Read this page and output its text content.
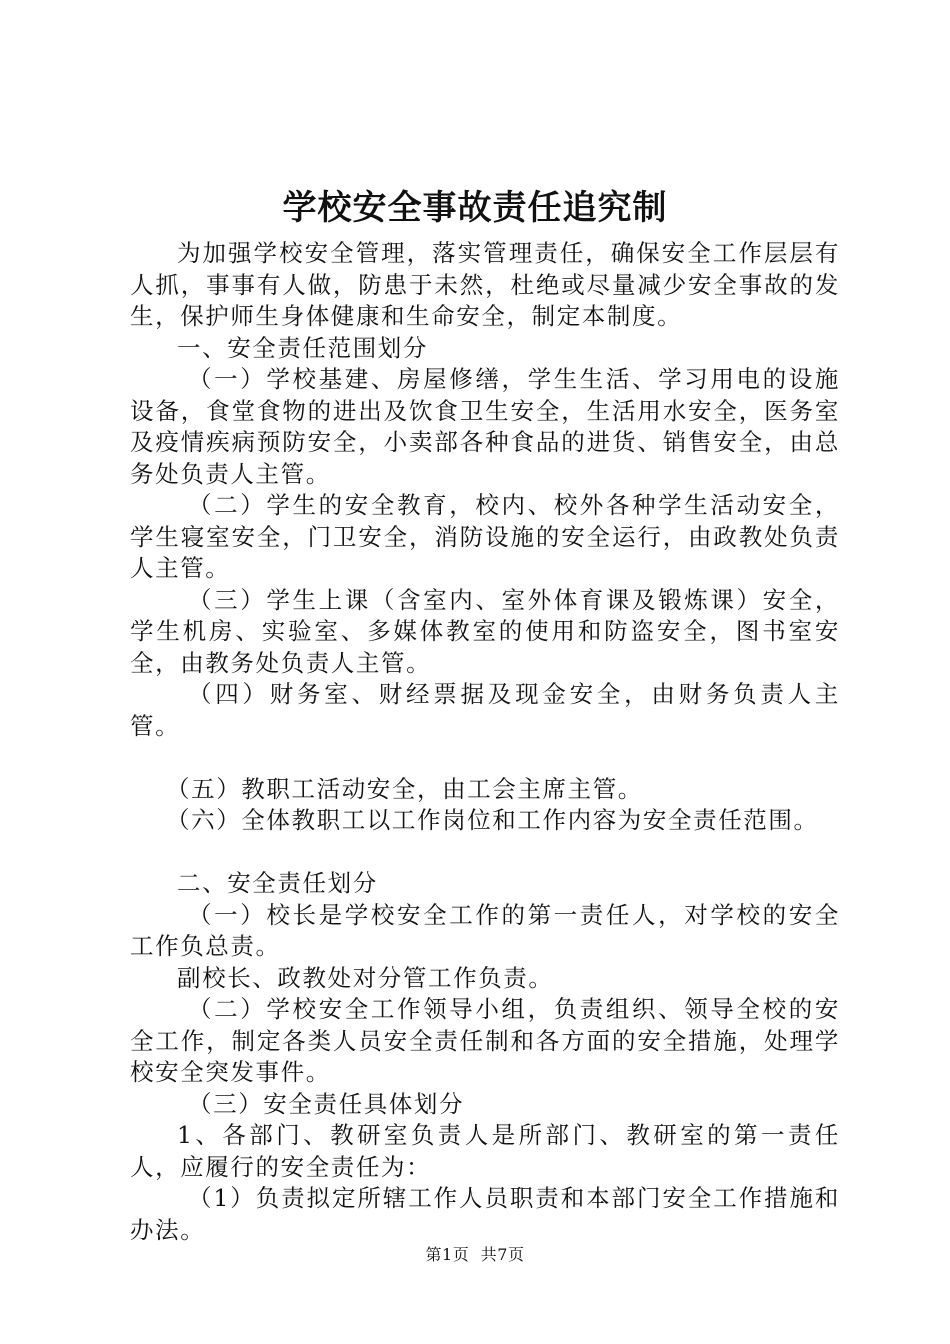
学校安全事故责任追究制

为加强学校安全管理，落实管理责任，确保安全工作层层有人抓，事事有人做，防患于未然，杜绝或尽量减少安全事故的发生，保护师生身体健康和生命安全，制定本制度。

一、安全责任范围划分

（一）学校基建、房屋修缮，学生生活、学习用电的设施设备，食堂食物的进出及饮食卫生安全，生活用水安全，医务室及疫情疾病预防安全，小卖部各种食品的进货、销售安全，由总务处负责人主管。

（二）学生的安全教育，校内、校外各种学生活动安全，学生寝室安全，门卫安全，消防设施的安全运行，由政教处负责人主管。

（三）学生上课（含室内、室外体育课及锻炼课）安全，学生机房、实验室、多媒体教室的使用和防盗安全，图书室安全，由教务处负责人主管。

（四）财务室、财经票据及现金安全，由财务负责人主管。

（五）教职工活动安全，由工会主席主管。

（六）全体教职工以工作岗位和工作内容为安全责任范围。

二、安全责任划分

（一）校长是学校安全工作的第一责任人，对学校的安全工作负总责。

副校长、政教处对分管工作负责。

（二）学校安全工作领导小组，负责组织、领导全校的安全工作，制定各类人员安全责任制和各方面的安全措施，处理学校安全突发事件。

（三）安全责任具体划分

1、各部门、教研室负责人是所部门、教研室的第一责任人，应履行的安全责任为：

（1）负责拟定所辖工作人员职责和本部门安全工作措施和办法。

第1页 共7页
